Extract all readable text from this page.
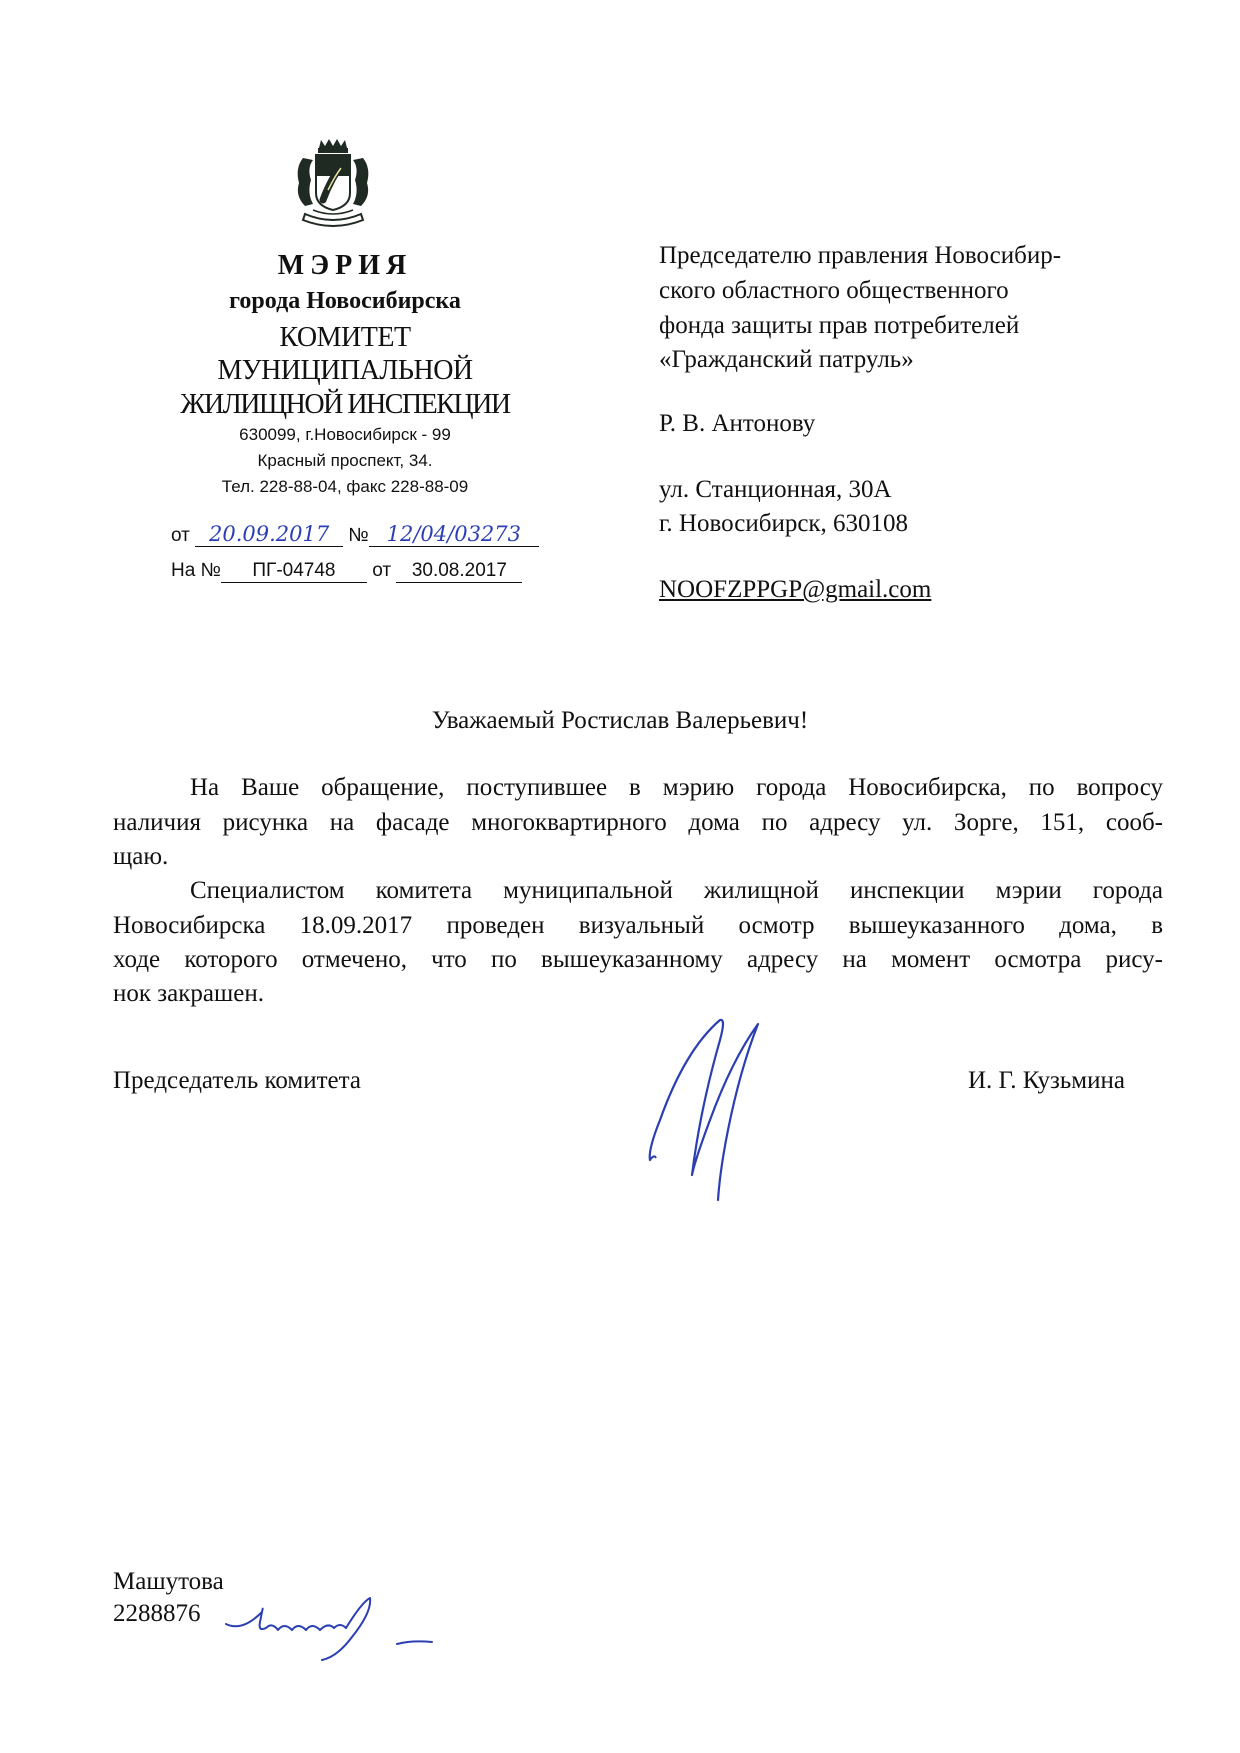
МЭРИЯ
города Новосибирска
КОМИТЕТ
МУНИЦИПАЛЬНОЙ
ЖИЛИЩНОЙ ИНСПЕКЦИИ
630099, г.Новосибирск - 99
Красный проспект, 34.
Тел. 228-88-04, факс 228-88-09
от 20.09.2017 № 12/04/03273
На № ПГ-04748 от 30.08.2017
Председателю правления Новосибир-
ского областного общественного
фонда защиты прав потребителей
«Гражданский патруль»
Р. В. Антонову
ул. Станционная, 30А
г. Новосибирск, 630108
NOOFZPPGP@gmail.com
Уважаемый Ростислав Валерьевич!
На Ваше обращение, поступившее в мэрию города Новосибирска, по вопросу
наличия рисунка на фасаде многоквартирного дома по адресу ул. Зорге, 151, сооб-
щаю.
Специалистом комитета муниципальной жилищной инспекции мэрии города
Новосибирска 18.09.2017 проведен визуальный осмотр вышеуказанного дома, в
ходе которого отмечено, что по вышеуказанному адресу на момент осмотра рису-
нок закрашен.
Председатель комитета	И. Г. Кузьмина
Машутова
2288876
